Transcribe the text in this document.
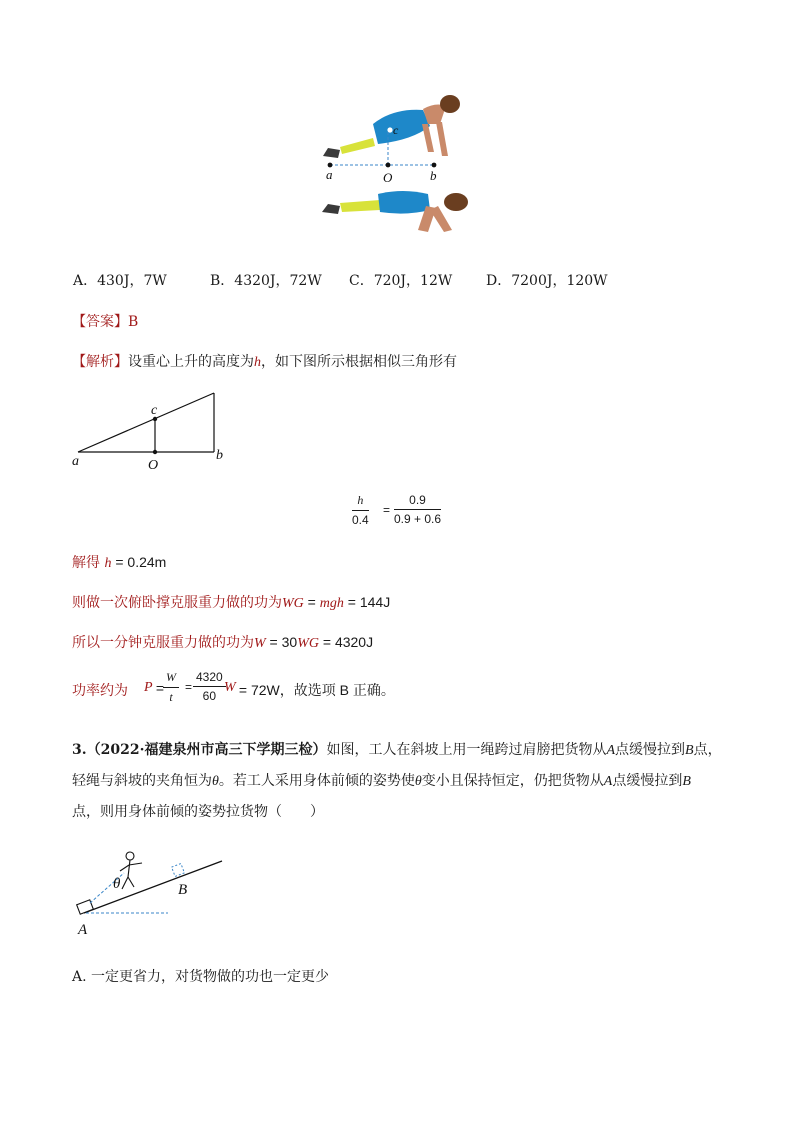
c
a	O	b
A．430J，7W	B．4320J，72W C．720J，12W D．7200J，120W
【答案】B
【解析】设重心上升的高度为h，如下图所示根据相似三角形有
c
a	O
b
$\frac{h}{0.4} = \frac{0.9}{0.9 + 0.6}$
解得 h = 0.24m
则做一次俯卧撑克服重力做的功为WG = mgh = 144J
所以一分钟克服重力做的功为W = 30WG = 4320J
功率约为 P =
$\frac{W}{t} = \frac{4320}{60}$
W = 72W，故选项 B 正确。
3.（2022·福建泉州市高三下学期三检）如图，工人在斜坡上用一绳跨过肩膀把货物从A点缓慢拉到B点，
轻绳与斜坡的夹角恒为θ。若工人采用身体前倾的姿势使θ变小且保持恒定，仍把货物从A点缓慢拉到B
点，则用身体前倾的姿势拉货物（　　）
θ	B
A
A. 一定更省力，对货物做的功也一定更少
